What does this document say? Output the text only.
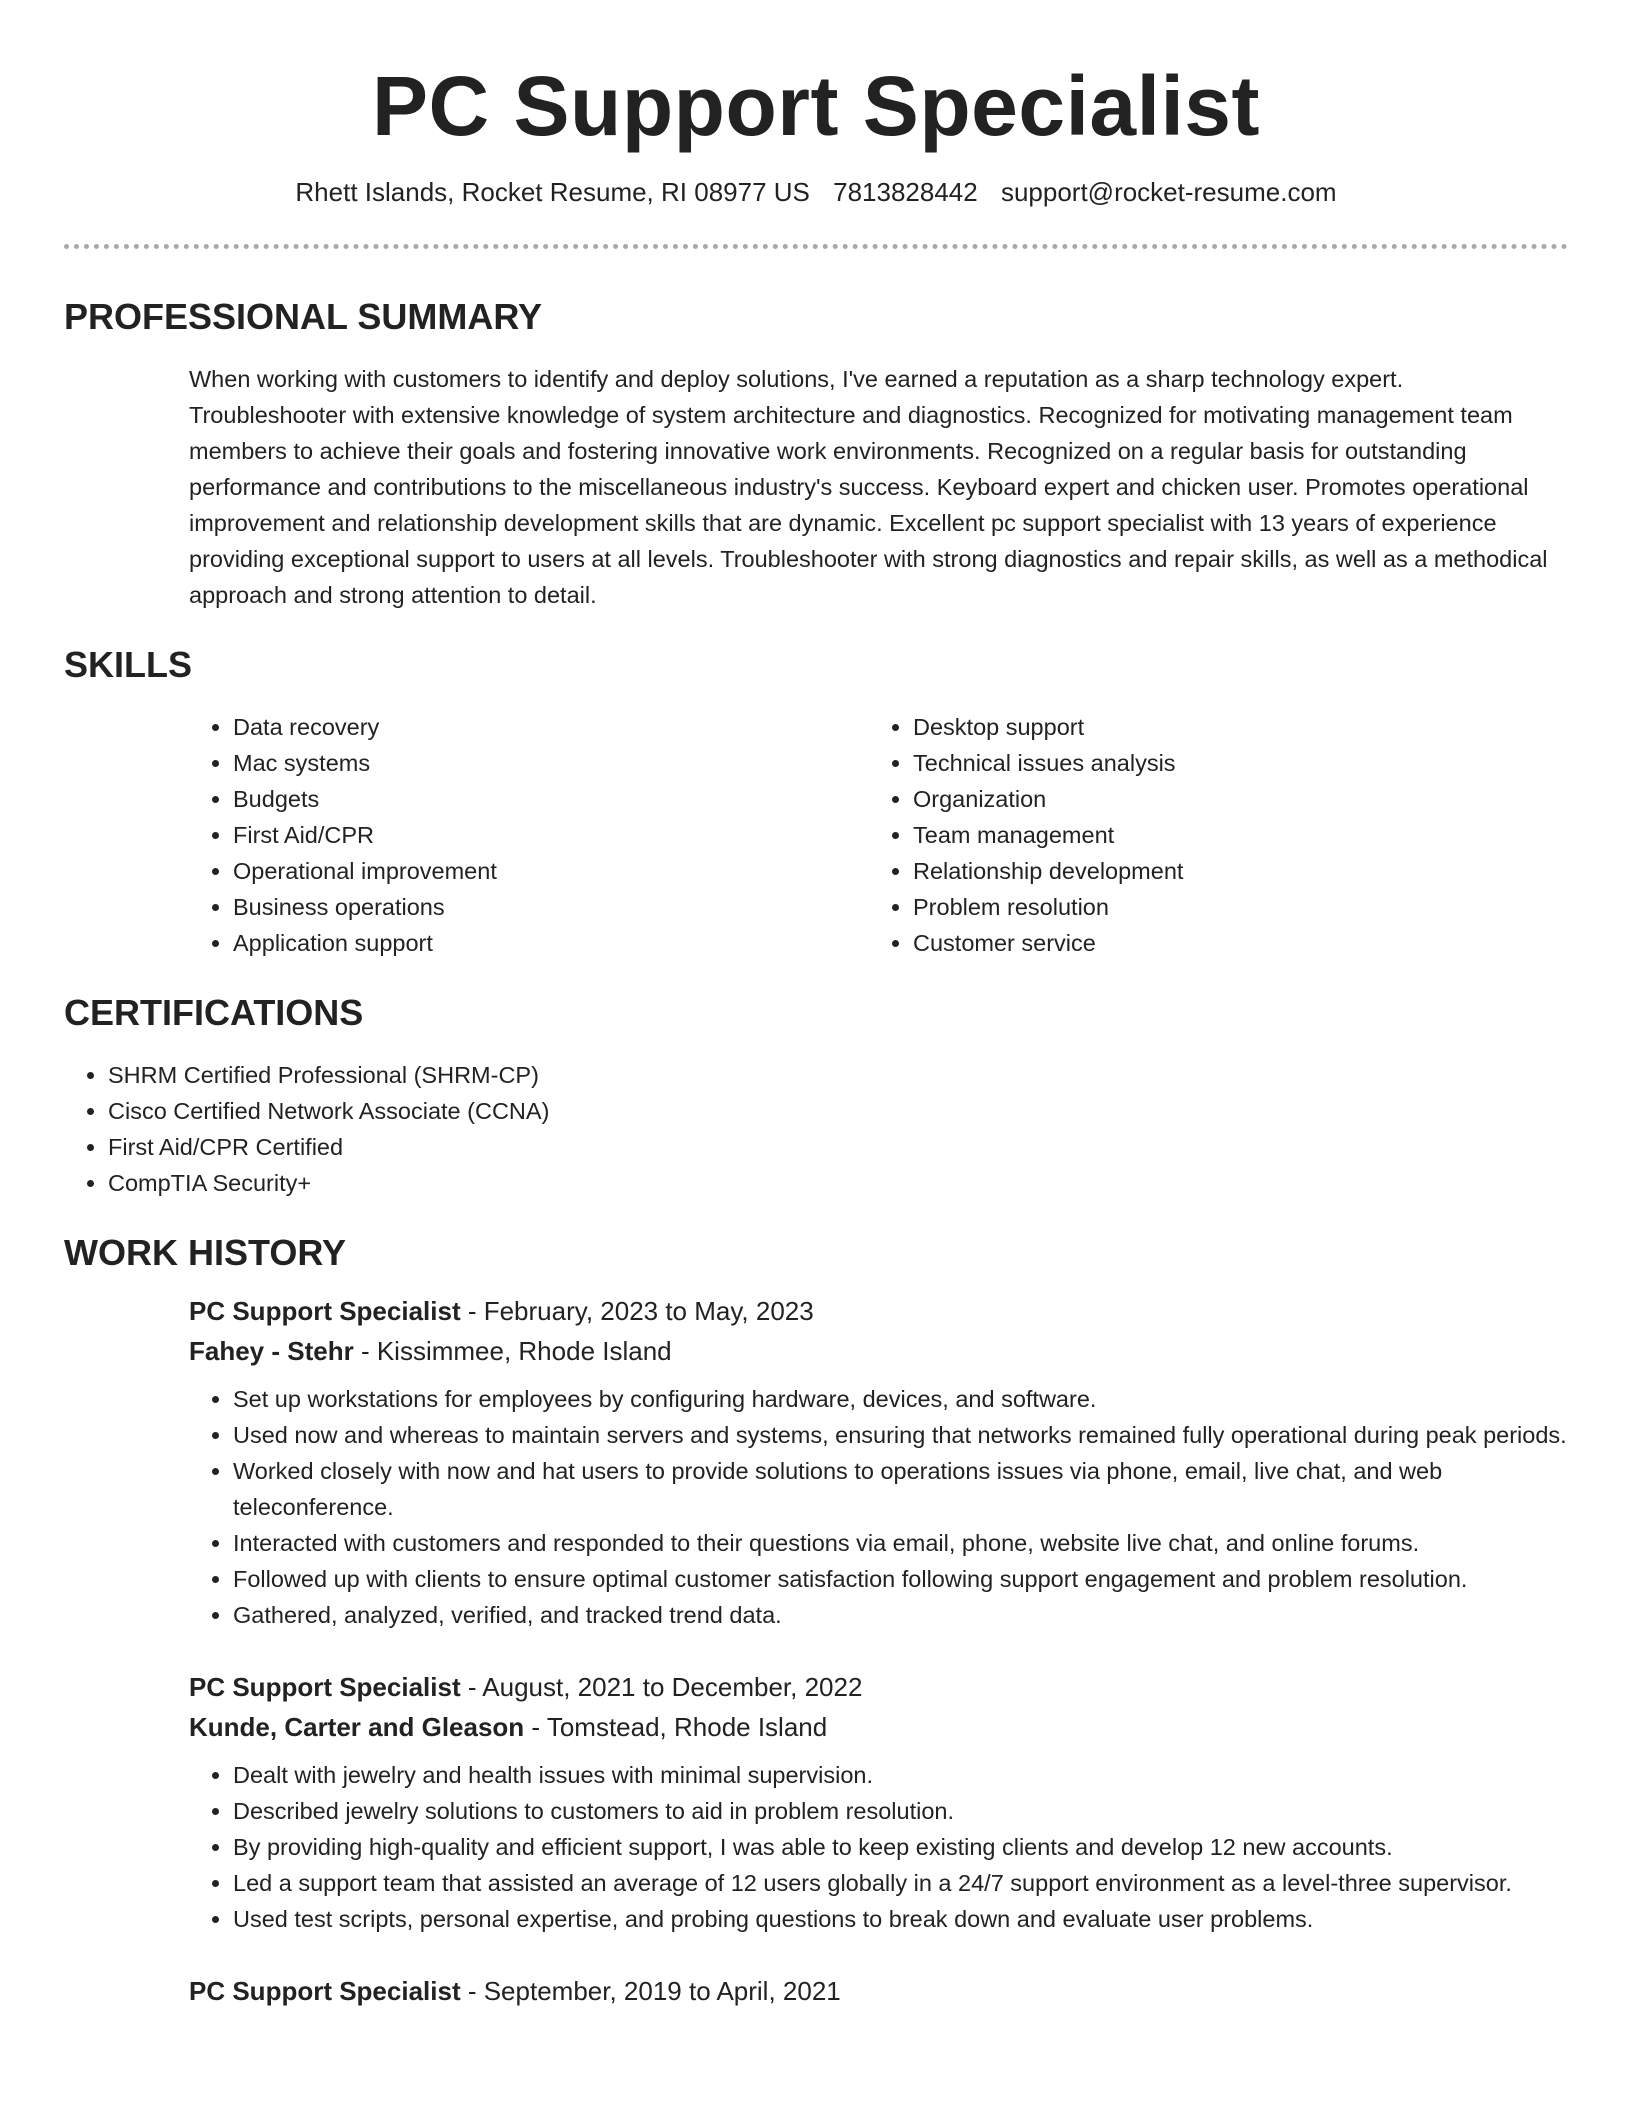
PC Support Specialist
Rhett Islands, Rocket Resume, RI 08977 US 7813828442 support@rocket-resume.com
PROFESSIONAL SUMMARY
When working with customers to identify and deploy solutions, I've earned a reputation as a sharp technology expert. Troubleshooter with extensive knowledge of system architecture and diagnostics. Recognized for motivating management team members to achieve their goals and fostering innovative work environments. Recognized on a regular basis for outstanding performance and contributions to the miscellaneous industry's success. Keyboard expert and chicken user. Promotes operational improvement and relationship development skills that are dynamic. Excellent pc support specialist with 13 years of experience providing exceptional support to users at all levels. Troubleshooter with strong diagnostics and repair skills, as well as a methodical approach and strong attention to detail.
SKILLS
• Data recovery
• Mac systems
• Budgets
• First Aid/CPR
• Operational improvement
• Business operations
• Application support
• Desktop support
• Technical issues analysis
• Organization
• Team management
• Relationship development
• Problem resolution
• Customer service
CERTIFICATIONS
• SHRM Certified Professional (SHRM-CP)
• Cisco Certified Network Associate (CCNA)
• First Aid/CPR Certified
• CompTIA Security+
WORK HISTORY
PC Support Specialist - February, 2023 to May, 2023
Fahey - Stehr - Kissimmee, Rhode Island
• Set up workstations for employees by configuring hardware, devices, and software.
• Used now and whereas to maintain servers and systems, ensuring that networks remained fully operational during peak periods.
• Worked closely with now and hat users to provide solutions to operations issues via phone, email, live chat, and web teleconference.
• Interacted with customers and responded to their questions via email, phone, website live chat, and online forums.
• Followed up with clients to ensure optimal customer satisfaction following support engagement and problem resolution.
• Gathered, analyzed, verified, and tracked trend data.
PC Support Specialist - August, 2021 to December, 2022
Kunde, Carter and Gleason - Tomstead, Rhode Island
• Dealt with jewelry and health issues with minimal supervision.
• Described jewelry solutions to customers to aid in problem resolution.
• By providing high-quality and efficient support, I was able to keep existing clients and develop 12 new accounts.
• Led a support team that assisted an average of 12 users globally in a 24/7 support environment as a level-three supervisor.
• Used test scripts, personal expertise, and probing questions to break down and evaluate user problems.
PC Support Specialist - September, 2019 to April, 2021
